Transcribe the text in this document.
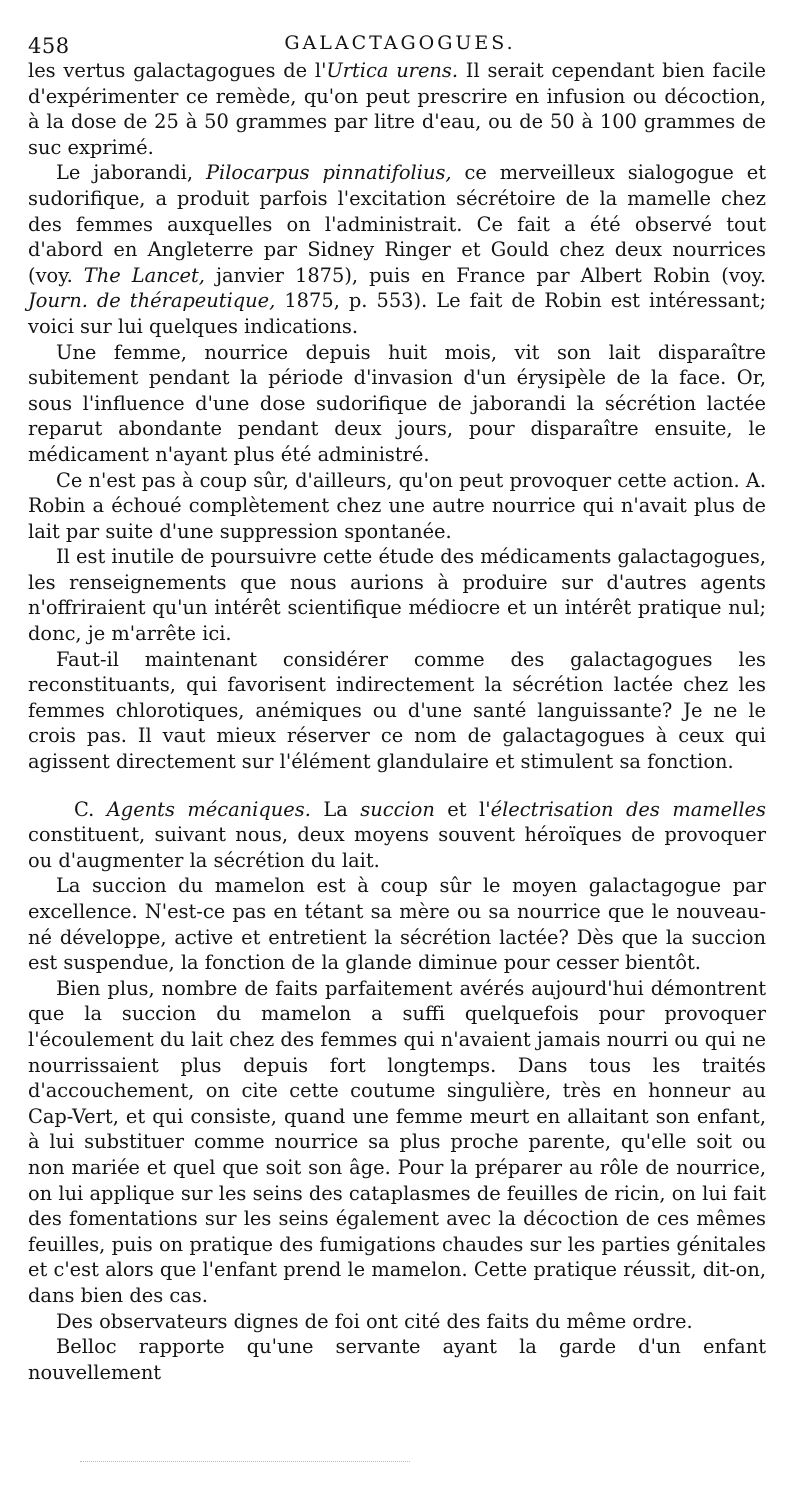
458	GALACTAGOGUES.

les vertus galactagogues de l'Urtica urens. Il serait cependant bien facile d'expérimenter ce remède, qu'on peut prescrire en infusion ou décoction, à la dose de 25 à 50 grammes par litre d'eau, ou de 50 à 100 grammes de suc exprimé.

Le jaborandi, Pilocarpus pinnatifolius, ce merveilleux sialogogue et sudorifique, a produit parfois l'excitation sécrétoire de la mamelle chez des femmes auxquelles on l'administrait. Ce fait a été observé tout d'abord en Angleterre par Sidney Ringer et Gould chez deux nourrices (voy. The Lancet, janvier 1875), puis en France par Albert Robin (voy. Journ. de thérapeutique, 1875, p. 553). Le fait de Robin est intéressant; voici sur lui quelques indications.

Une femme, nourrice depuis huit mois, vit son lait disparaître subitement pendant la période d'invasion d'un érysipèle de la face. Or, sous l'influence d'une dose sudorifique de jaborandi la sécrétion lactée reparut abondante pendant deux jours, pour disparaître ensuite, le médicament n'ayant plus été administré.

Ce n'est pas à coup sûr, d'ailleurs, qu'on peut provoquer cette action. A. Robin a échoué complètement chez une autre nourrice qui n'avait plus de lait par suite d'une suppression spontanée.

Il est inutile de poursuivre cette étude des médicaments galactagogues, les renseignements que nous aurions à produire sur d'autres agents n'offriraient qu'un intérêt scientifique médiocre et un intérêt pratique nul; donc, je m'arrête ici.

Faut-il maintenant considérer comme des galactagogues les reconstituants, qui favorisent indirectement la sécrétion lactée chez les femmes chlorotiques, anémiques ou d'une santé languissante? Je ne le crois pas. Il vaut mieux réserver ce nom de galactagogues à ceux qui agissent directement sur l'élément glandulaire et stimulent sa fonction.

C. Agents mécaniques. La succion et l'électrisation des mamelles constituent, suivant nous, deux moyens souvent héroïques de provoquer ou d'augmenter la sécrétion du lait.

La succion du mamelon est à coup sûr le moyen galactagogue par excellence. N'est-ce pas en tétant sa mère ou sa nourrice que le nouveau-né développe, active et entretient la sécrétion lactée? Dès que la succion est suspendue, la fonction de la glande diminue pour cesser bientôt.

Bien plus, nombre de faits parfaitement avérés aujourd'hui démontrent que la succion du mamelon a suffi quelquefois pour provoquer l'écoulement du lait chez des femmes qui n'avaient jamais nourri ou qui ne nourrissaient plus depuis fort longtemps. Dans tous les traités d'accouchement, on cite cette coutume singulière, très en honneur au Cap-Vert, et qui consiste, quand une femme meurt en allaitant son enfant, à lui substituer comme nourrice sa plus proche parente, qu'elle soit ou non mariée et quel que soit son âge. Pour la préparer au rôle de nourrice, on lui applique sur les seins des cataplasmes de feuilles de ricin, on lui fait des fomentations sur les seins également avec la décoction de ces mêmes feuilles, puis on pratique des fumigations chaudes sur les parties génitales et c'est alors que l'enfant prend le mamelon. Cette pratique réussit, dit-on, dans bien des cas.

Des observateurs dignes de foi ont cité des faits du même ordre.

Belloc rapporte qu'une servante ayant la garde d'un enfant nouvellement
